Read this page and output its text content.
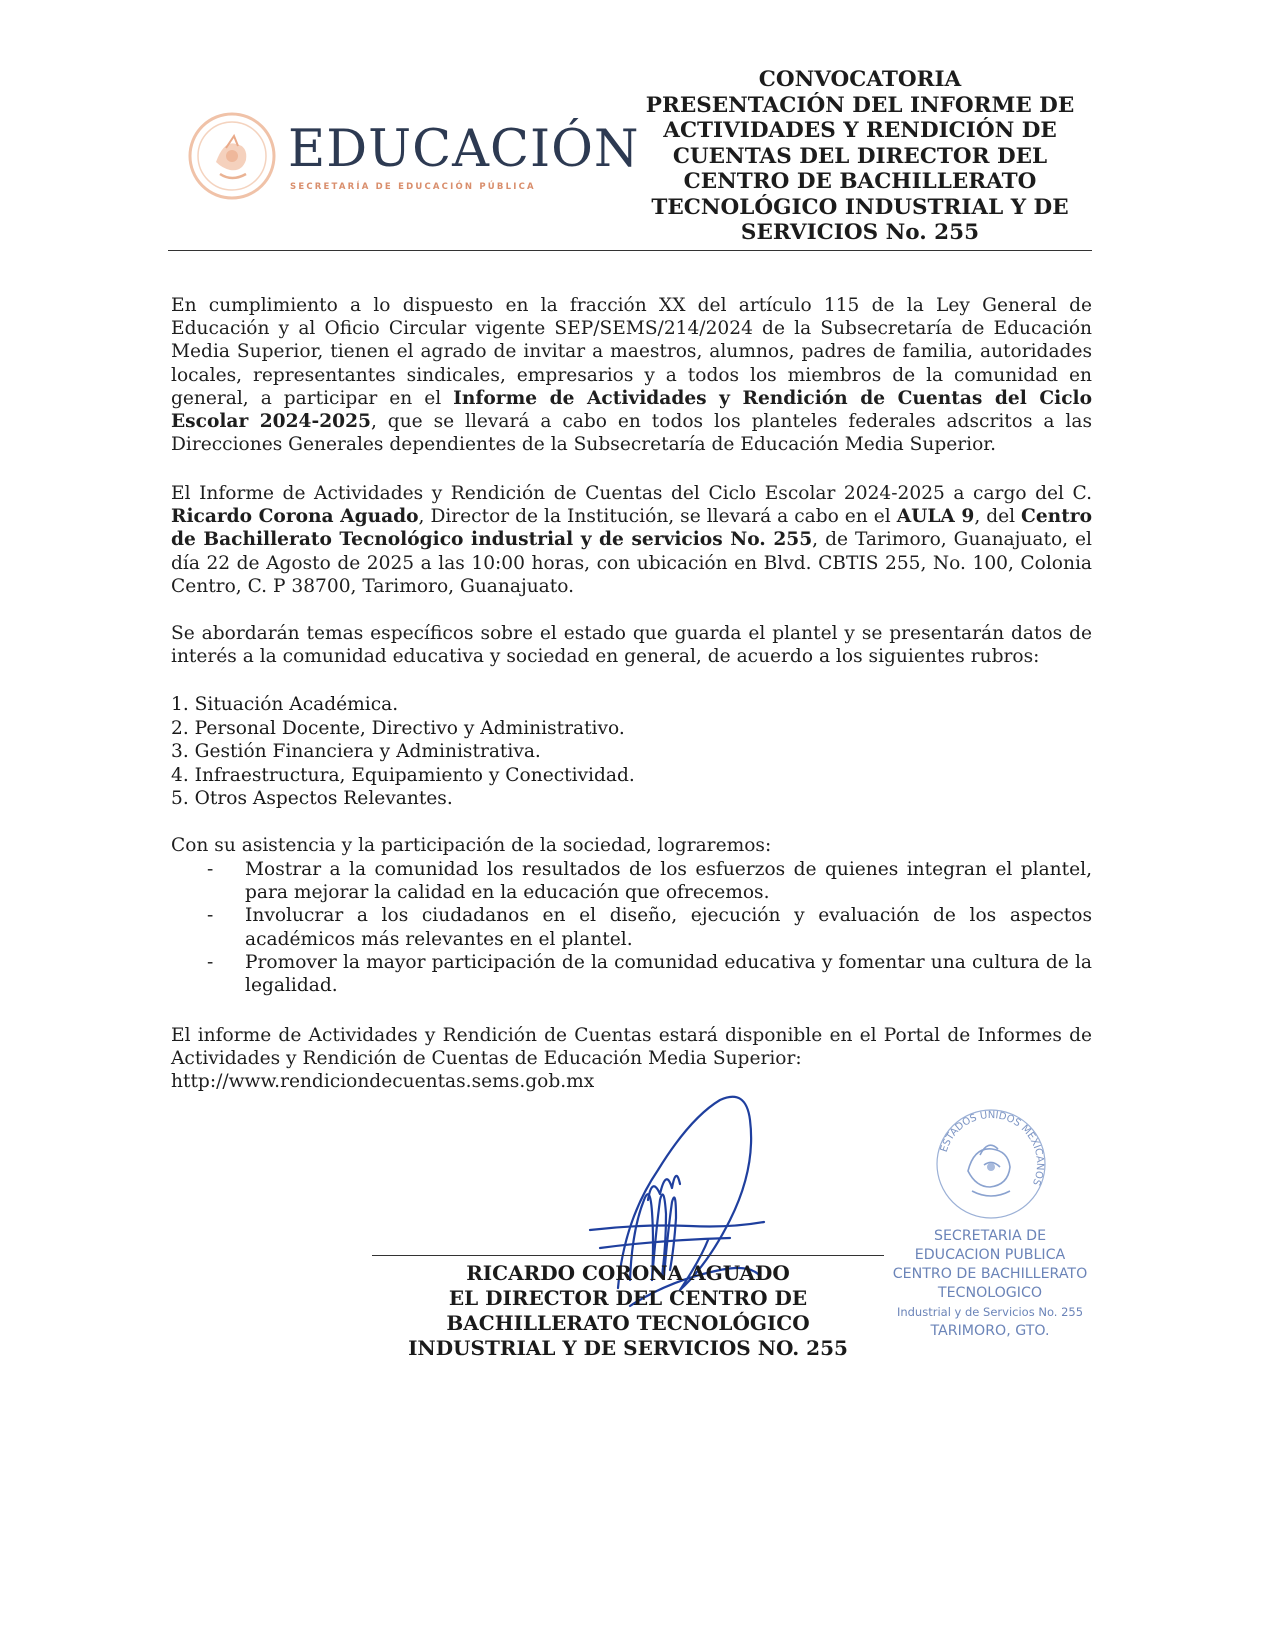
EDUCACIÓN
SECRETARÍA DE EDUCACIÓN PÚBLICA
CONVOCATORIA
PRESENTACIÓN DEL INFORME DE
ACTIVIDADES Y RENDICIÓN DE
CUENTAS DEL DIRECTOR DEL
CENTRO DE BACHILLERATO
TECNOLÓGICO INDUSTRIAL Y DE
SERVICIOS No. 255
En cumplimiento a lo dispuesto en la fracción XX del artículo 115 de la Ley General de Educación y al Oficio Circular vigente SEP/SEMS/214/2024 de la Subsecretaría de Educación Media Superior, tienen el agrado de invitar a maestros, alumnos, padres de familia, autoridades locales, representantes sindicales, empresarios y a todos los miembros de la comunidad en general, a participar en el Informe de Actividades y Rendición de Cuentas del Ciclo Escolar 2024-2025, que se llevará a cabo en todos los planteles federales adscritos a las Direcciones Generales dependientes de la Subsecretaría de Educación Media Superior.
El Informe de Actividades y Rendición de Cuentas del Ciclo Escolar 2024-2025 a cargo del C. Ricardo Corona Aguado, Director de la Institución, se llevará a cabo en el AULA 9, del Centro de Bachillerato Tecnológico industrial y de servicios No. 255, de Tarimoro, Guanajuato, el día 22 de Agosto de 2025 a las 10:00 horas, con ubicación en Blvd. CBTIS 255, No. 100, Colonia Centro, C. P 38700, Tarimoro, Guanajuato.
Se abordarán temas específicos sobre el estado que guarda el plantel y se presentarán datos de interés a la comunidad educativa y sociedad en general, de acuerdo a los siguientes rubros:
1. Situación Académica.
2. Personal Docente, Directivo y Administrativo.
3. Gestión Financiera y Administrativa.
4. Infraestructura, Equipamiento y Conectividad.
5. Otros Aspectos Relevantes.
Con su asistencia y la participación de la sociedad, lograremos:
- Mostrar a la comunidad los resultados de los esfuerzos de quienes integran el plantel, para mejorar la calidad en la educación que ofrecemos.
- Involucrar a los ciudadanos en el diseño, ejecución y evaluación de los aspectos académicos más relevantes en el plantel.
- Promover la mayor participación de la comunidad educativa y fomentar una cultura de la legalidad.
El informe de Actividades y Rendición de Cuentas estará disponible en el Portal de Informes de Actividades y Rendición de Cuentas de Educación Media Superior:
http://www.rendiciondecuentas.sems.gob.mx
RICARDO CORONA AGUADO
EL DIRECTOR DEL CENTRO DE
BACHILLERATO TECNOLÓGICO
INDUSTRIAL Y DE SERVICIOS NO. 255
ESTADOS UNIDOS MEXICANOS
SECRETARIA DE
EDUCACION PUBLICA
CENTRO DE BACHILLERATO
TECNOLOGICO
Industrial y de Servicios No. 255
TARIMORO, GTO.
